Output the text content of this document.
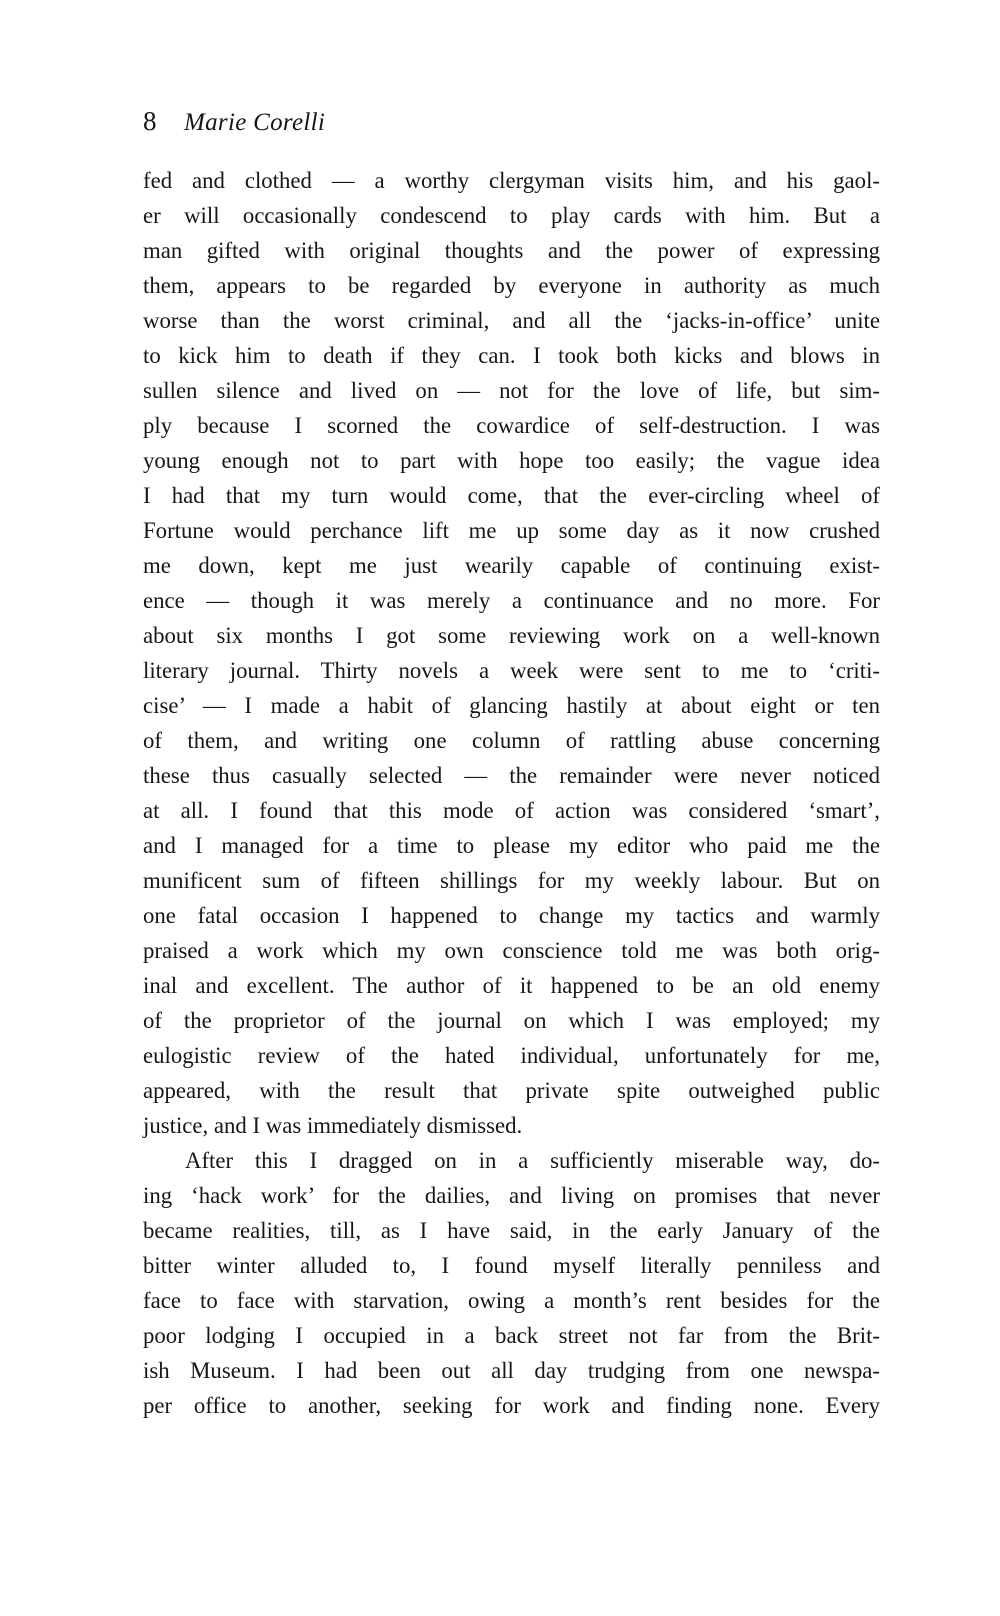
8 Marie Corelli
fed and clothed — a worthy clergyman visits him, and his gaol-
er will occasionally condescend to play cards with him. But a
man gifted with original thoughts and the power of expressing
them, appears to be regarded by everyone in authority as much
worse than the worst criminal, and all the ‘jacks-in-office’ unite
to kick him to death if they can. I took both kicks and blows in
sullen silence and lived on — not for the love of life, but sim-
ply because I scorned the cowardice of self-destruction. I was
young enough not to part with hope too easily; the vague idea
I had that my turn would come, that the ever-circling wheel of
Fortune would perchance lift me up some day as it now crushed
me down, kept me just wearily capable of continuing exist-
ence — though it was merely a continuance and no more. For
about six months I got some reviewing work on a well-known
literary journal. Thirty novels a week were sent to me to ‘criti-
cise’ — I made a habit of glancing hastily at about eight or ten
of them, and writing one column of rattling abuse concerning
these thus casually selected — the remainder were never noticed
at all. I found that this mode of action was considered ‘smart’,
and I managed for a time to please my editor who paid me the
munificent sum of fifteen shillings for my weekly labour. But on
one fatal occasion I happened to change my tactics and warmly
praised a work which my own conscience told me was both orig-
inal and excellent. The author of it happened to be an old enemy
of the proprietor of the journal on which I was employed; my
eulogistic review of the hated individual, unfortunately for me,
appeared, with the result that private spite outweighed public
justice, and I was immediately dismissed.
After this I dragged on in a sufficiently miserable way, do-
ing ‘hack work’ for the dailies, and living on promises that never
became realities, till, as I have said, in the early January of the
bitter winter alluded to, I found myself literally penniless and
face to face with starvation, owing a month’s rent besides for the
poor lodging I occupied in a back street not far from the Brit-
ish Museum. I had been out all day trudging from one newspa-
per office to another, seeking for work and finding none. Every
